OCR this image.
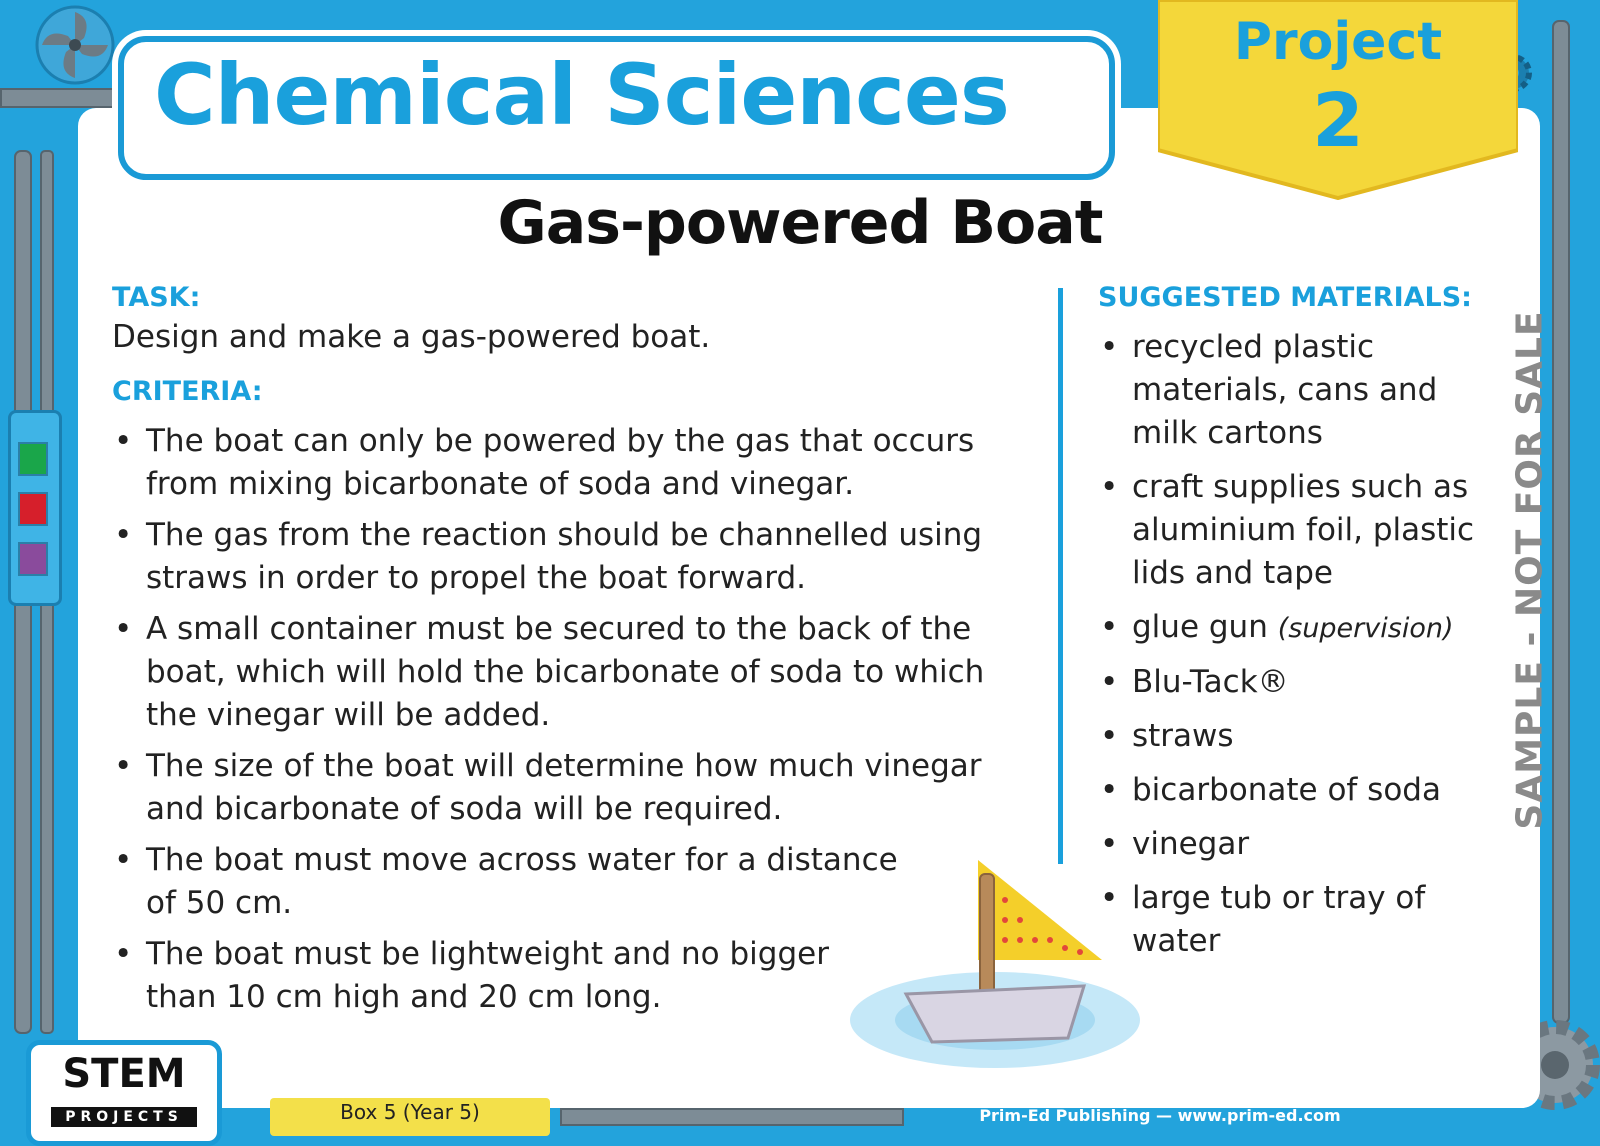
Chemical Sciences
Project
2
Gas-powered Boat
TASK:
Design and make a gas-powered boat.
CRITERIA:
• The boat can only be powered by the gas that occurs from mixing bicarbonate of soda and vinegar.
• The gas from the reaction should be channelled using straws in order to propel the boat forward.
• A small container must be secured to the back of the boat, which will hold the bicarbonate of soda to which the vinegar will be added.
• The size of the boat will determine how much vinegar and bicarbonate of soda will be required.
• The boat must move across water for a distance of 50 cm.
• The boat must be lightweight and no bigger than 10 cm high and 20 cm long.
SUGGESTED MATERIALS:
• recycled plastic materials, cans and milk cartons
• craft supplies such as aluminium foil, plastic lids and tape
• glue gun (supervision)
• Blu-Tack®
• straws
• bicarbonate of soda
• vinegar
• large tub or tray of water
SAMPLE - NOT FOR SALE
STEM
PROJECTS	Box 5 (Year 5)	Prim-Ed Publishing — www.prim-ed.com
